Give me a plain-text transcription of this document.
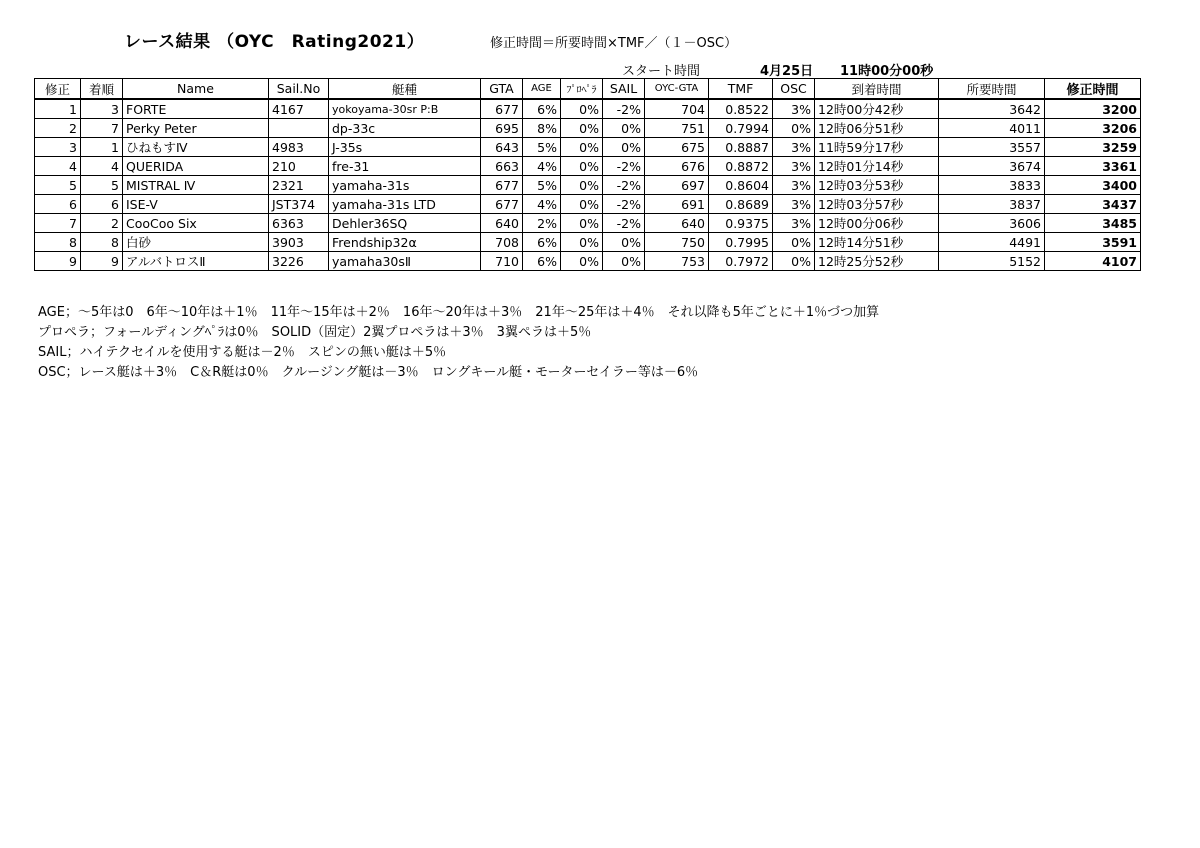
レース結果 （OYC　Rating2021）	修正時間＝所要時間×TMF／（１－OSC）
スタート時間	4月25日 11時00分00秒
修正	着順	Name	Sail.No	艇種	GTA	AGE	ﾌﾟﾛﾍﾟﾗ	SAIL	OYC-GTA	TMF	OSC	到着時間	所要時間	修正時間
1	3	FORTE	4167	yokoyama-30sr P:B	677	6%	0%	-2%	704	0.8522	3%	12時00分42秒	3642	3200
2	7	Perky Peter		dp-33c	695	8%	0%	0%	751	0.7994	0%	12時06分51秒	4011	3206
3	1	ひねもすⅣ	4983	J-35s	643	5%	0%	0%	675	0.8887	3%	11時59分17秒	3557	3259
4	4	QUERIDA	210	fre-31	663	4%	0%	-2%	676	0.8872	3%	12時01分14秒	3674	3361
5	5	MISTRAL Ⅳ	2321	yamaha-31s	677	5%	0%	-2%	697	0.8604	3%	12時03分53秒	3833	3400
6	6	ISE-V	JST374	yamaha-31s LTD	677	4%	0%	-2%	691	0.8689	3%	12時03分57秒	3837	3437
7	2	CooCoo Six	6363	Dehler36SQ	640	2%	0%	-2%	640	0.9375	3%	12時00分06秒	3606	3485
8	8	白砂	3903	Frendship32α	708	6%	0%	0%	750	0.7995	0%	12時14分51秒	4491	3591
9	9	アルバトロスⅡ	3226	yamaha30sⅡ	710	6%	0%	0%	753	0.7972	0%	12時25分52秒	5152	4107
AGE；～5年は0　6年～10年は＋1％　11年～15年は＋2％　16年～20年は＋3％　21年～25年は＋4％　それ以降も5年ごとに＋1％づつ加算
プロペラ；フォールディングﾍﾟﾗは0％　SOLID（固定）2翼プロペラは＋3％　3翼ペラは＋5％
SAIL；ハイテクセイルを使用する艇は－2％　スピンの無い艇は＋5％
OSC；レース艇は＋3％　C＆R艇は0％　クルージング艇は－3％　ロングキール艇・モーターセイラー等は－6％
